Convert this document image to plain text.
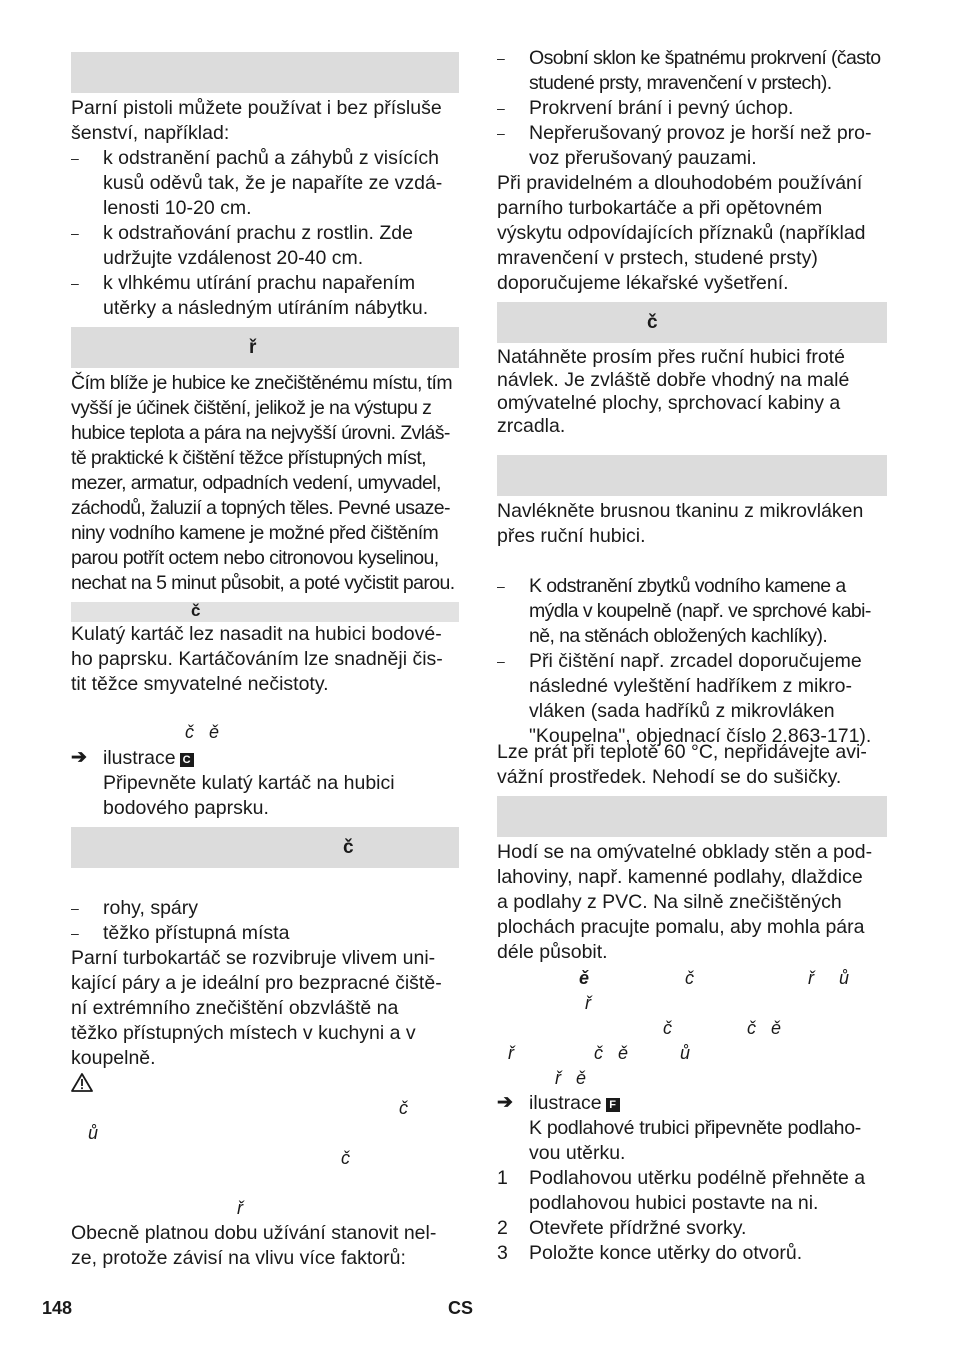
Parní pistoli můžete používat i bez přísluše
šenství, například:
– k odstranění pachů a záhybů z visících
kusů oděvů tak, že je napaříte ze vzdá-
lenosti 10-20 cm.
– k odstraňování prachu z rostlin. Zde
udržujte vzdálenost 20-40 cm.
– k vlhkému utírání prachu napařením
utěrky a následným utíráním nábytku.
ř
Čím blíže je hubice ke znečištěnému místu, tím
vyšší je účinek čištění, jelikož je na výstupu z
hubice teplota a pára na nejvyšší úrovni. Zvláš-
tě praktické k čištění těžce přístupných míst,
mezer, armatur, odpadních vedení, umyvadel,
záchodů, žaluzií a topných těles. Pevné usaze-
niny vodního kamene je možné před čištěním
parou potřít octem nebo citronovou kyselinou,
nechat na 5 minut působit, a poté vyčistit parou.
č
Kulatý kartáč lez nasadit na hubici bodové-
ho paprsku. Kartáčováním lze snadněji čis-
tit těžce smyvatelné nečistoty.
č   ě
➔ ilustrace C
Připevněte kulatý kartáč na hubici
bodového paprsku.
č
– rohy, spáry
– těžko přístupná místa
Parní turbokartáč se rozvibruje vlivem uni-
kající páry a je ideální pro bezpracné čiště-
ní extrémního znečištění obzvláště na
těžko přístupných místech v kuchyni a v
koupelně.
č
ů
č
ř
Obecně platnou dobu užívání stanovit nel-
ze, protože závisí na vlivu více faktorů:
– Osobní sklon ke špatnému prokrvení (často
studené prsty, mravenčení v prstech).
– Prokrvení brání i pevný úchop.
– Nepřerušovaný provoz je horší než pro-
voz přerušovaný pauzami.
Při pravidelném a dlouhodobém používání
parního turbokartáče a při opětovném
výskytu odpovídajících příznaků (například
mravenčení v prstech, studené prsty)
doporučujeme lékařské vyšetření.
č
Natáhněte prosím přes ruční hubici froté
návlek. Je zvláště dobře vhodný na malé
omývatelné plochy, sprchovací kabiny a
zrcadla.
Navlékněte brusnou tkaninu z mikrovláken
přes ruční hubici.
– K odstranění zbytků vodního kamene a
mýdla v koupelně (např. ve sprchové kabi-
ně, na stěnách obložených kachlíky).
– Při čištění např. zrcadel doporučujeme
následné vyleštění hadříkem z mikro-
vláken (sada hadříků z mikrovláken
"Koupelna", objednací číslo 2.863-171).
Lze prát při teplotě 60 °C, nepřidávejte avi-
vážní prostředek. Nehodí se do sušičky.
Hodí se na omývatelné obklady stěn a pod-
lahoviny, např. kamenné podlahy, dlaždice
a podlahy z PVC. Na silně znečištěných
plochách pracujte pomalu, aby mohla pára
déle působit.
ě	č	ř     ů
ř
č	č   ě
ř	č   ě	ů
ř   ě
➔ ilustrace F
K podlahové trubici připevněte podlaho-
vou utěrku.
1 Podlahovou utěrku podélně přehněte a
podlahovou hubici postavte na ni.
2 Otevřete přídržné svorky.
3 Položte konce utěrky do otvorů.
148	CS
